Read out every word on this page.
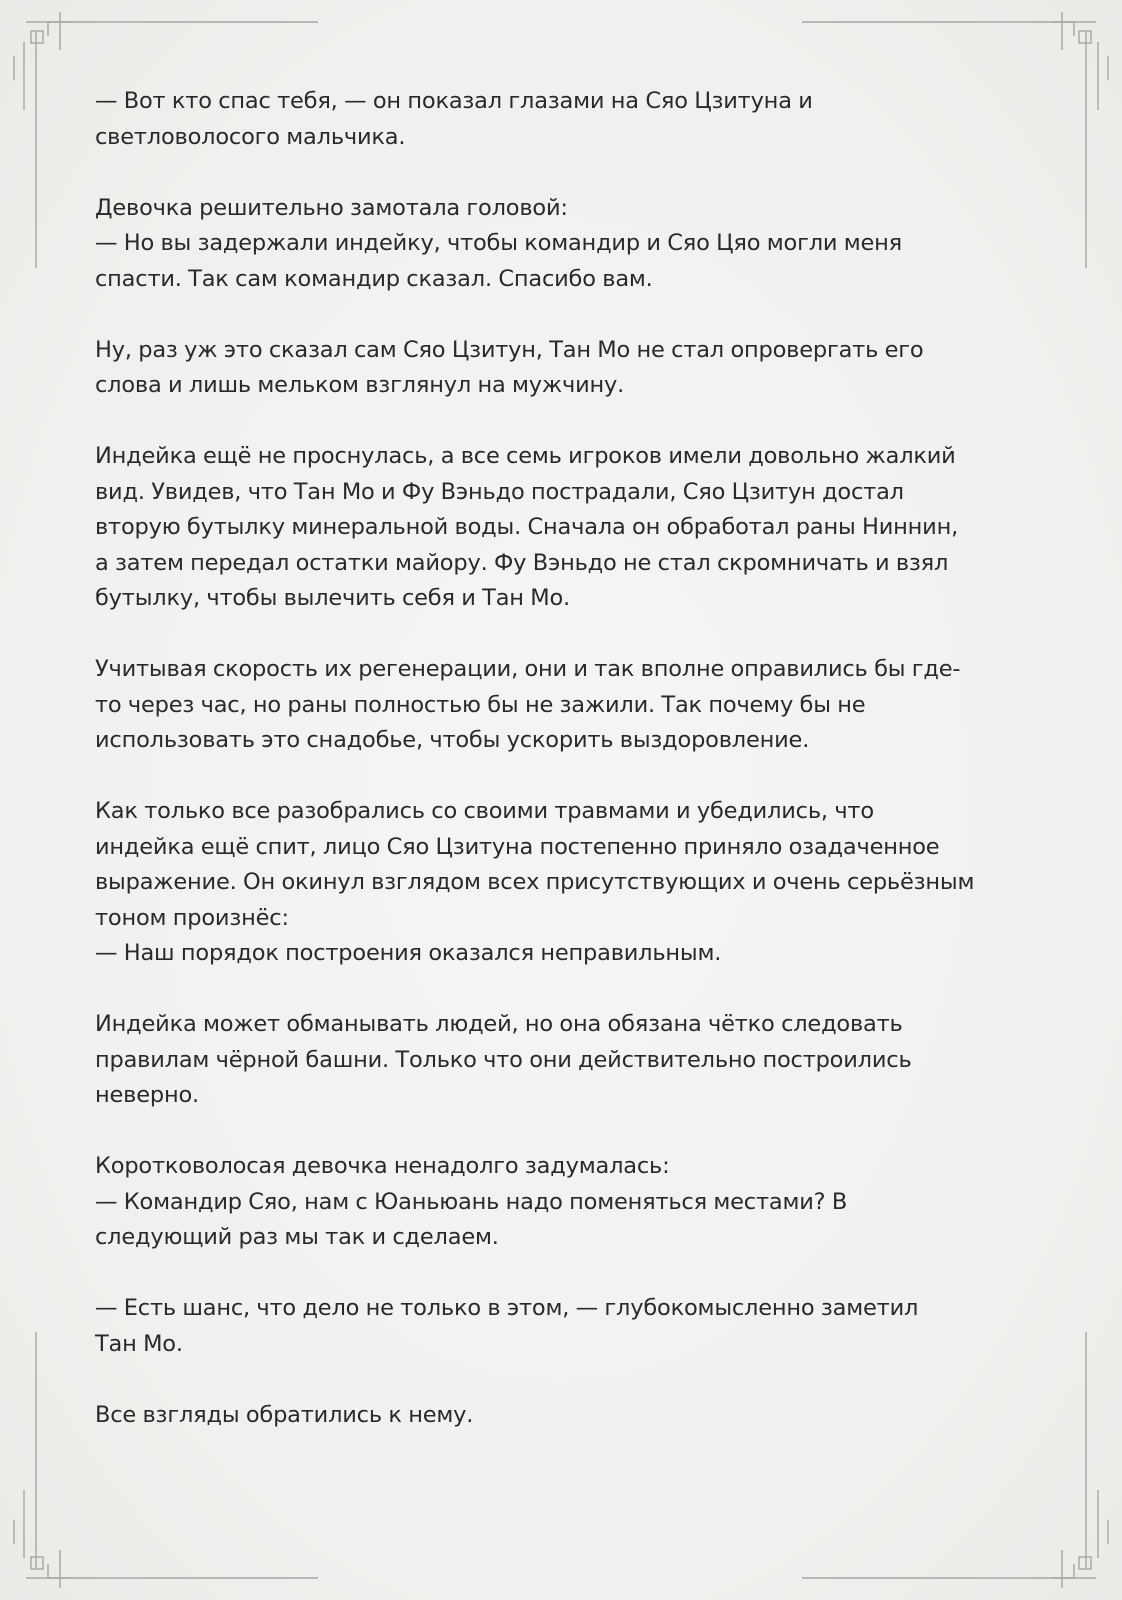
— Вот кто спас тебя, — он показал глазами на Сяо Цзитуна и
светловолосого мальчика.

Девочка решительно замотала головой:
— Но вы задержали индейку, чтобы командир и Сяо Цяо могли меня
спасти. Так сам командир сказал. Спасибо вам.

Ну, раз уж это сказал сам Сяо Цзитун, Тан Мо не стал опровергать его
слова и лишь мельком взглянул на мужчину.

Индейка ещё не проснулась, а все семь игроков имели довольно жалкий
вид. Увидев, что Тан Мо и Фу Вэньдо пострадали, Сяо Цзитун достал
вторую бутылку минеральной воды. Сначала он обработал раны Ниннин,
а затем передал остатки майору. Фу Вэньдо не стал скромничать и взял
бутылку, чтобы вылечить себя и Тан Мо.

Учитывая скорость их регенерации, они и так вполне оправились бы где-
то через час, но раны полностью бы не зажили. Так почему бы не
использовать это снадобье, чтобы ускорить выздоровление.

Как только все разобрались со своими травмами и убедились, что
индейка ещё спит, лицо Сяо Цзитуна постепенно приняло озадаченное
выражение. Он окинул взглядом всех присутствующих и очень серьёзным
тоном произнёс:
— Наш порядок построения оказался неправильным.

Индейка может обманывать людей, но она обязана чётко следовать
правилам чёрной башни. Только что они действительно построились
неверно.

Коротковолосая девочка ненадолго задумалась:
— Командир Сяо, нам с Юаньюань надо поменяться местами? В
следующий раз мы так и сделаем.

— Есть шанс, что дело не только в этом, — глубокомысленно заметил
Тан Мо.

Все взгляды обратились к нему.
